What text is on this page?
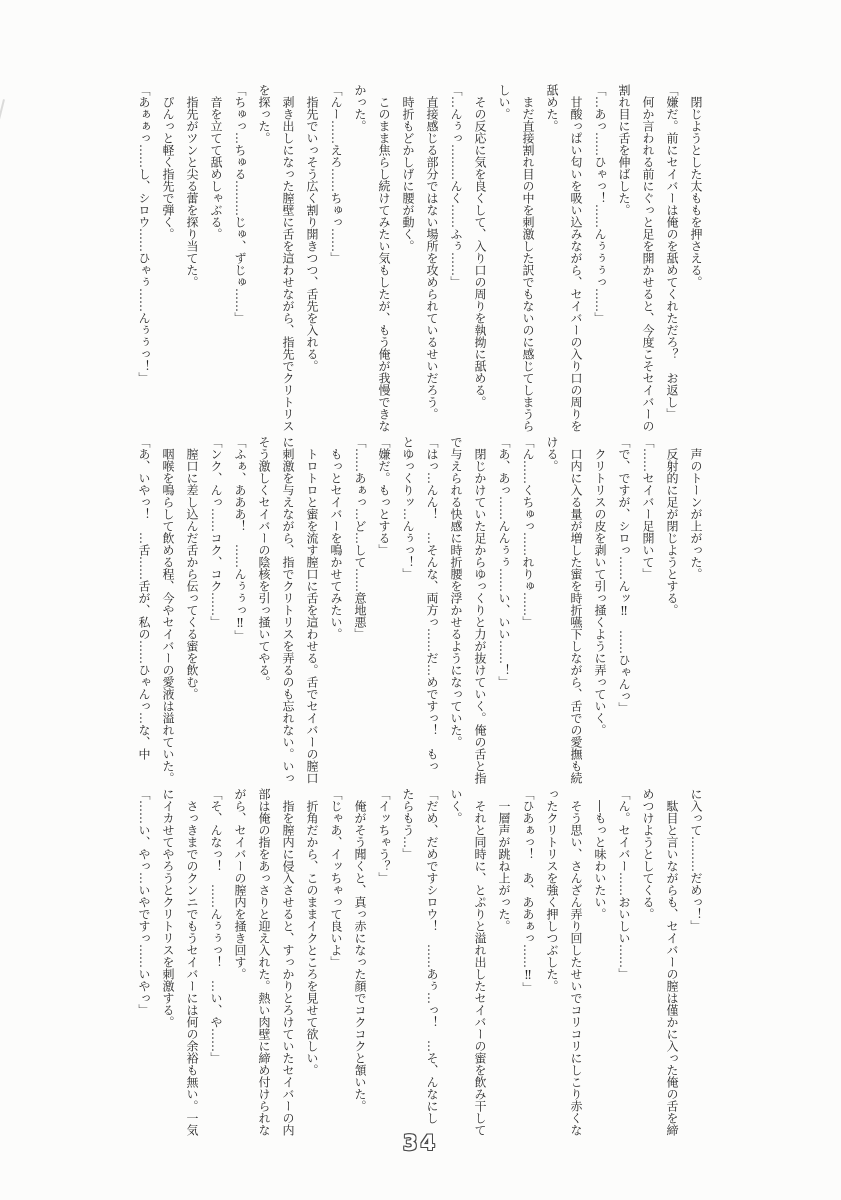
閉じようとした太ももを押さえる。

「嫌だ。前にセイバーは俺のを舐めてくれただろ？　お返し」

何か言われる前にぐっと足を開かせると、今度こそセイバーの

割れ目に舌を伸ばした。

「…あっ……ひゃっ！……んぅぅぅっ……」

甘酸っぱい匂いを吸い込みながら、セイバーの入り口の周りを

舐めた。

まだ直接割れ目の中を刺激した訳でもないのに感じてしまうら

しい。

その反応に気を良くして、入り口の周りを執拗に舐める。

「…んぅっ………んく……ふぅ……」

直接感じる部分ではない場所を攻められているせいだろう。

時折もどかしげに腰が動く。

このまま焦らし続けてみたい気もしたが、もう俺が我慢できな

かった。

「んー……えろ……ちゅっ……」

指先でいっそう広く割り開きつつ、舌先を入れる。

剥き出しになった膣壁に舌を這わせながら、指先でクリトリス

を探った。

「ちゅっ…ちゅる………じゅ、ずじゅ……」

音を立てて舐めしゃぶる。

指先がツンと尖る蕾を探り当てた。

ぴんっと軽く指先で弾く。

「あぁぁっ……し、シロウ……ひゃぅ……んぅぅっ！」

声のトーンが上がった。

反射的に足が閉じようとする。

「……セイバー足開いて」

「で、ですが、シロっ……んッ‼　……ひゃんっ」

クリトリスの皮を剥いて引っ掻くように弄っていく。

口内に入る量が増した蜜を時折嚥下しながら、舌での愛撫も続

ける。

「ん……くちゅっ……れりゅ……」

「あ、あっ……んんぅぅ……い、いい……！」

閉じかけていた足からゆっくりと力が抜けていく。俺の舌と指

で与えられる快感に時折腰を浮かせるようになっていた。

「はっ…んん！　…そんな、両方っ……だ…めですっ！　もっ

とゆっくりッ…んぅっ！」

「嫌だ。もっとする」

「……あぁっ…ど…して……意地悪」

もっとセイバーを鳴かせてみたい。

トロトロと蜜を流す膣口に舌を這わせる。舌でセイバーの膣口

に刺激を与えながら、指でクリトリスを弄るのも忘れない。いっ

そう激しくセイバーの陰核を引っ掻いてやる。

「ふぁ、あああ！　……んぅぅっ‼」

「ンク、んっ……コク、コク……」

膣口に差し込んだ舌から伝ってくる蜜を飲む。

咽喉を鳴らして飲める程、今やセイバーの愛液は溢れていた。

「あ、いやっ！　…舌……舌が、私の……ひゃんっ…な、中

に入って………だめっ！」

駄目と言いながらも、セイバーの膣は僅かに入った俺の舌を締

めつけようとしてくる。

「ん。セイバー……おいしい……」

―もっと味わいたい。

そう思い、さんざん弄り回したせいでコリコリにしこり赤くな

ったクリトリスを強く押しつぶした。

「ひあぁっ！　あ、ああぁっ……‼」

一層声が跳ね上がった。

それと同時に、とぷりと溢れ出したセイバーの蜜を飲み干して

いく。

「だめ、だめですシロウ！　……あぅ…っ！　…そ、んなにし

たらもう…」

「イッちゃう？」

俺がそう聞くと、真っ赤になった顔でコクコクと頷いた。

「じゃあ、イッちゃって良いよ」

折角だから、このままイクところを見せて欲しい。

指を膣内に侵入させると、すっかりとろけていたセイバーの内

部は俺の指をあっさりと迎え入れた。熱い肉壁に締め付けられな

がら、セイバーの膣内を掻き回す。

「そ、んなっ！　……んぅぅっ！　…い、や……」

さっきまでのクンニでもうセイバーには何の余裕も無い。一気

にイカせてやろうとクリトリスを刺激する。

「……い、やっ…いやですっ……いやっ」

34
